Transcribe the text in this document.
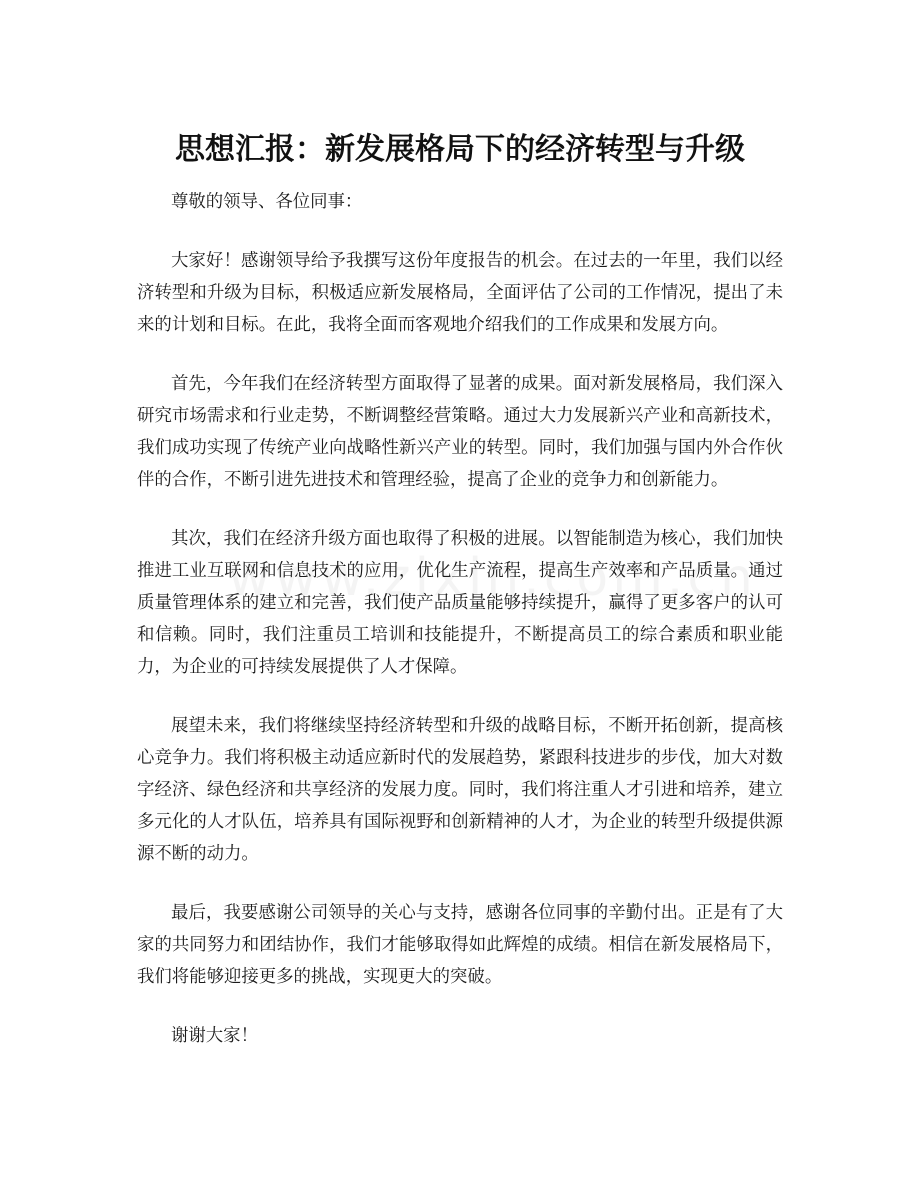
思想汇报：新发展格局下的经济转型与升级

尊敬的领导、各位同事：

大家好！感谢领导给予我撰写这份年度报告的机会。在过去的一年里，我们以经济转型和升级为目标，积极适应新发展格局，全面评估了公司的工作情况，提出了未来的计划和目标。在此，我将全面而客观地介绍我们的工作成果和发展方向。

首先，今年我们在经济转型方面取得了显著的成果。面对新发展格局，我们深入研究市场需求和行业走势，不断调整经营策略。通过大力发展新兴产业和高新技术，我们成功实现了传统产业向战略性新兴产业的转型。同时，我们加强与国内外合作伙伴的合作，不断引进先进技术和管理经验，提高了企业的竞争力和创新能力。

其次，我们在经济升级方面也取得了积极的进展。以智能制造为核心，我们加快推进工业互联网和信息技术的应用，优化生产流程，提高生产效率和产品质量。通过质量管理体系的建立和完善，我们使产品质量能够持续提升，赢得了更多客户的认可和信赖。同时，我们注重员工培训和技能提升，不断提高员工的综合素质和职业能力，为企业的可持续发展提供了人才保障。

展望未来，我们将继续坚持经济转型和升级的战略目标，不断开拓创新，提高核心竞争力。我们将积极主动适应新时代的发展趋势，紧跟科技进步的步伐，加大对数字经济、绿色经济和共享经济的发展力度。同时，我们将注重人才引进和培养，建立多元化的人才队伍，培养具有国际视野和创新精神的人才，为企业的转型升级提供源源不断的动力。

最后，我要感谢公司领导的关心与支持，感谢各位同事的辛勤付出。正是有了大家的共同努力和团结协作，我们才能够取得如此辉煌的成绩。相信在新发展格局下，我们将能够迎接更多的挑战，实现更大的突破。

谢谢大家！
